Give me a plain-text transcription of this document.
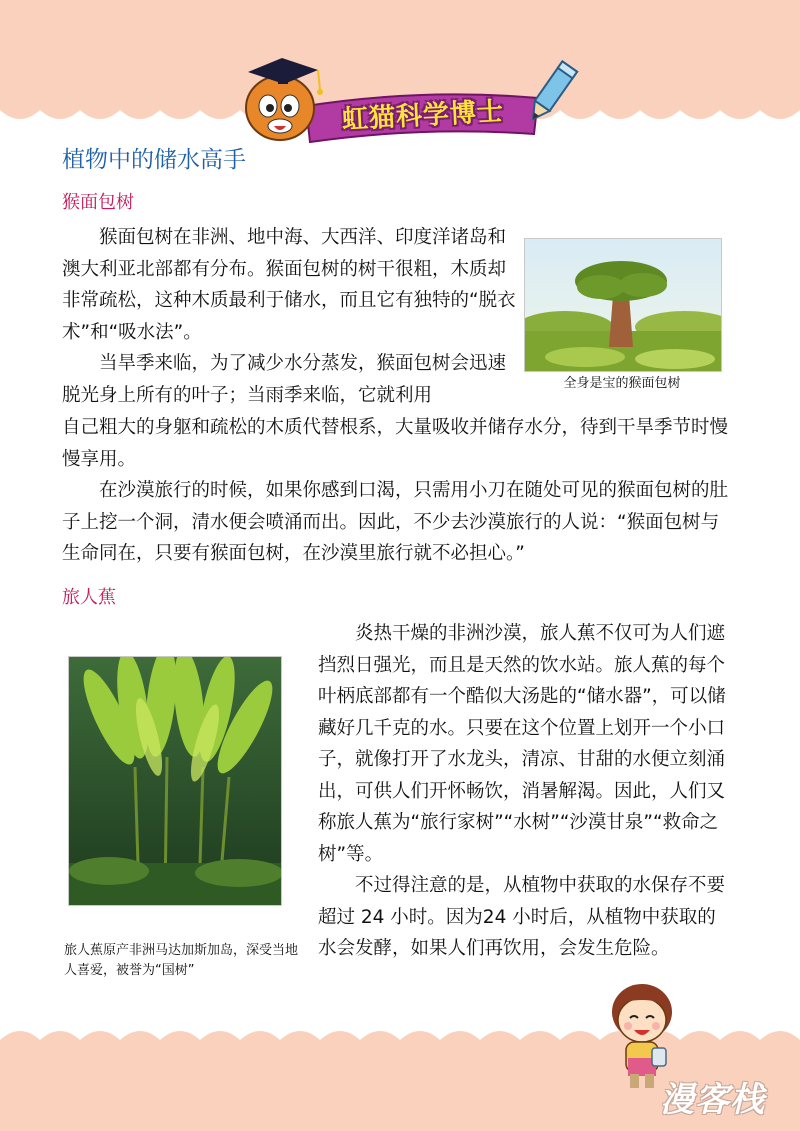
虹猫科学博士
植物中的储水高手
猴面包树

猴面包树在非洲、地中海、大西洋、印度洋诸岛和澳大利亚北部都有分布。猴面包树的树干很粗，木质却非常疏松，这种木质最利于储水，而且它有独特的“脱衣术”和“吸水法”。

当旱季来临，为了减少水分蒸发，猴面包树会迅速脱光身上所有的叶子；当雨季来临，它就利用

全身是宝的猴面包树

自己粗大的身躯和疏松的木质代替根系，大量吸收并储存水分，待到干旱季节时慢慢享用。

在沙漠旅行的时候，如果你感到口渴，只需用小刀在随处可见的猴面包树的肚子上挖一个洞，清水便会喷涌而出。因此，不少去沙漠旅行的人说：“猴面包树与生命同在，只要有猴面包树，在沙漠里旅行就不必担心。”

旅人蕉
旅人蕉原产非洲马达加斯加岛，深受当地人喜爱，被誉为“国树”

炎热干燥的非洲沙漠，旅人蕉不仅可为人们遮挡烈日强光，而且是天然的饮水站。旅人蕉的每个叶柄底部都有一个酷似大汤匙的“储水器”，可以储藏好几千克的水。只要在这个位置上划开一个小口子，就像打开了水龙头，清凉、甘甜的水便立刻涌出，可供人们开怀畅饮，消暑解渴。因此，人们又称旅人蕉为“旅行家树”“水树”“沙漠甘泉”“救命之树”等。

不过得注意的是，从植物中获取的水保存不要超过 24 小时。因为24 小时后，从植物中获取的水会发酵，如果人们再饮用，会发生危险。

漫客栈
